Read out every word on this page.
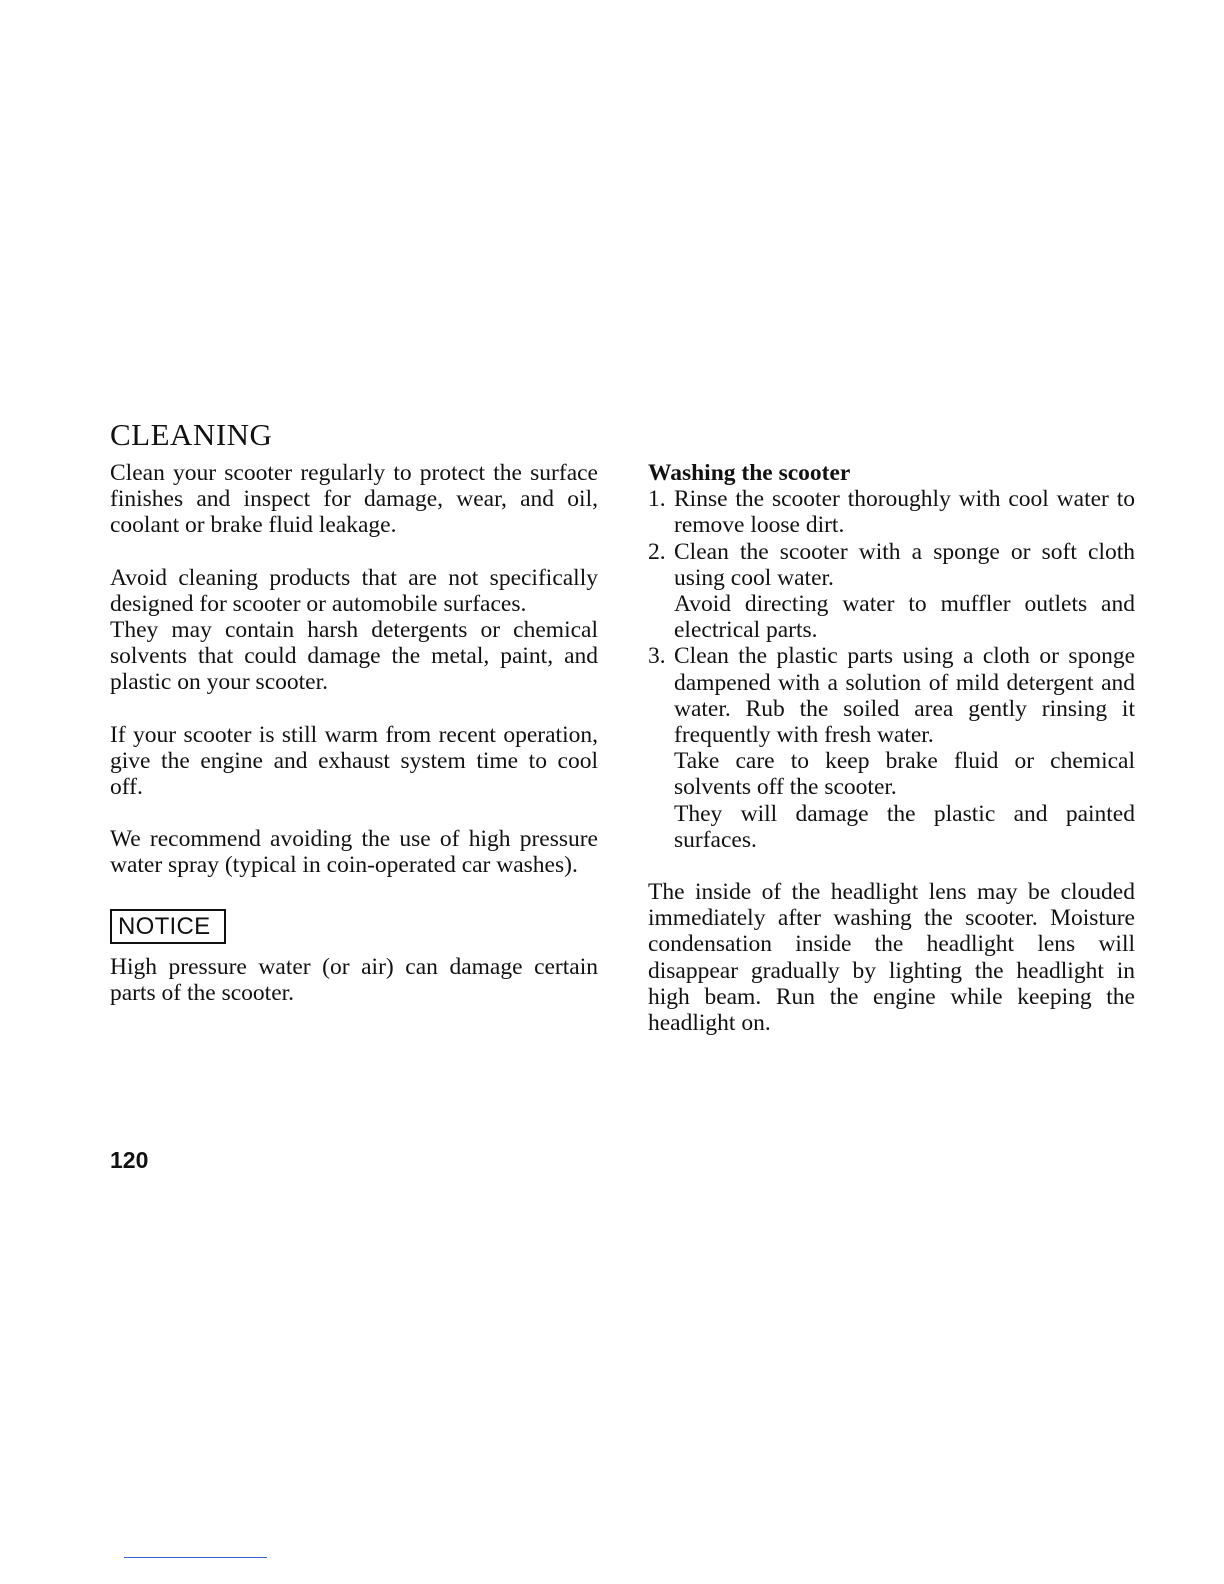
CLEANING

Clean your scooter regularly to protect the surface finishes and inspect for damage, wear, and oil, coolant or brake fluid leakage.

Avoid cleaning products that are not specifically designed for scooter or automobile surfaces.

They may contain harsh detergents or chemical solvents that could damage the metal, paint, and plastic on your scooter.

If your scooter is still warm from recent operation, give the engine and exhaust system time to cool off.

We recommend avoiding the use of high pressure water spray (typical in coin-operated car washes).

NOTICE

High pressure water (or air) can damage certain parts of the scooter.

Washing the scooter

1. Rinse the scooter thoroughly with cool water to remove loose dirt.
2. Clean the scooter with a sponge or soft cloth using cool water.
Avoid directing water to muffler outlets and electrical parts.
3. Clean the plastic parts using a cloth or sponge dampened with a solution of mild detergent and water. Rub the soiled area gently rinsing it frequently with fresh water.
Take care to keep brake fluid or chemical solvents off the scooter.
They will damage the plastic and painted surfaces.

The inside of the headlight lens may be clouded immediately after washing the scooter. Moisture condensation inside the headlight lens will disappear gradually by lighting the headlight in high beam. Run the engine while keeping the headlight on.

120
